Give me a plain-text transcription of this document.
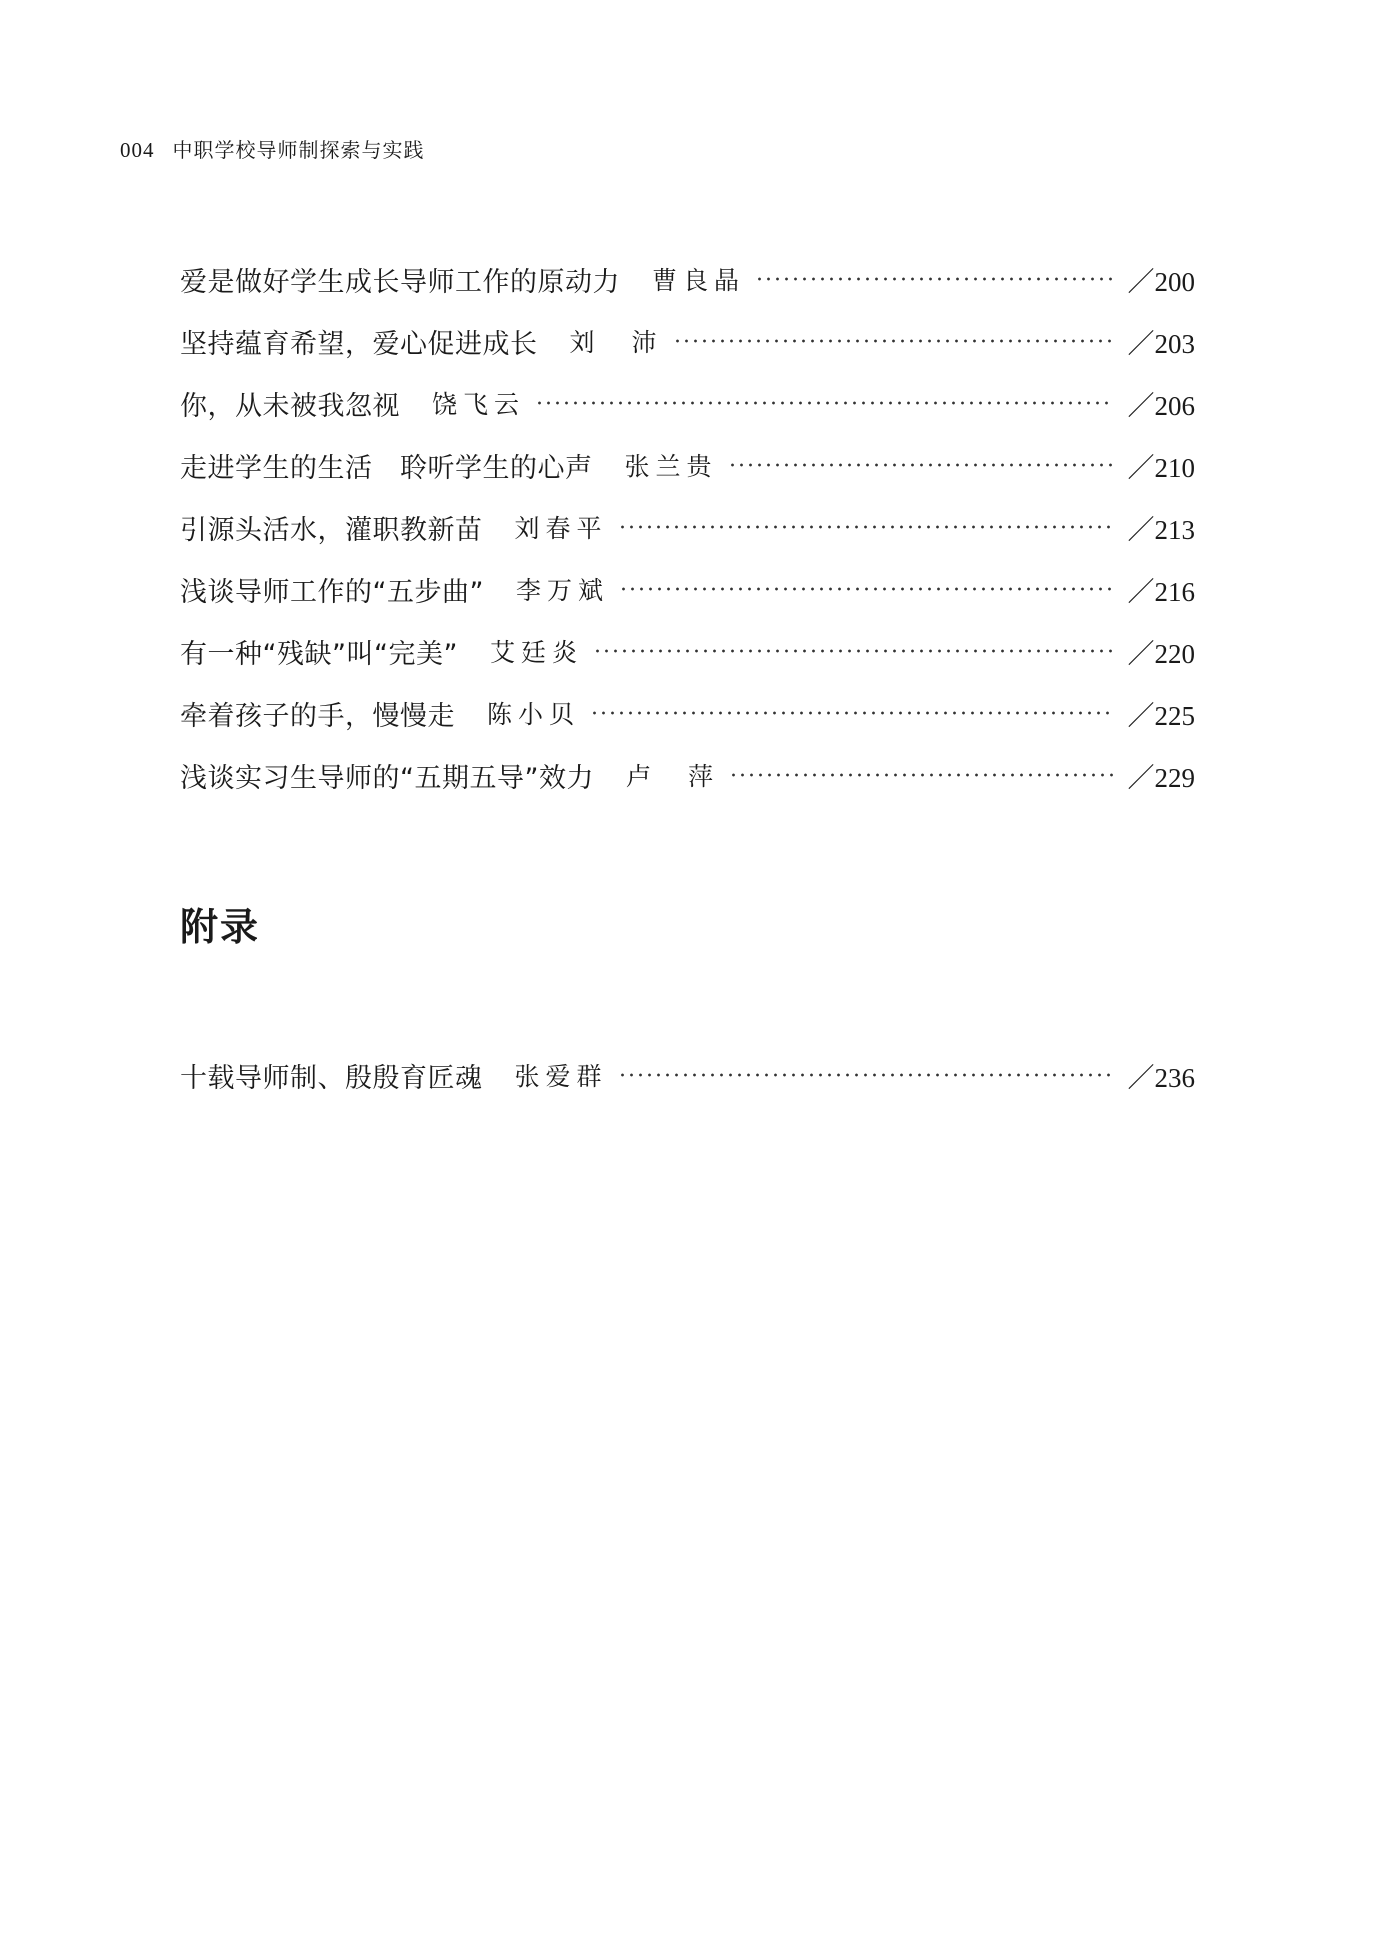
004 中职学校导师制探索与实践
爱是做好学生成长导师工作的原动力 曹良晶	／200
坚持蕴育希望，爱心促进成长 刘　沛	／203
你，从未被我忽视 饶飞云	／206
走进学生的生活　聆听学生的心声 张兰贵	／210
引源头活水，灌职教新苗 刘春平	／213
浅谈导师工作的“五步曲” 李万斌	／216
有一种“残缺”叫“完美” 艾廷炎	／220
牵着孩子的手，慢慢走 陈小贝	／225
浅谈实习生导师的“五期五导”效力 卢　萍	／229
附录
十载导师制、殷殷育匠魂 张爱群	／236
